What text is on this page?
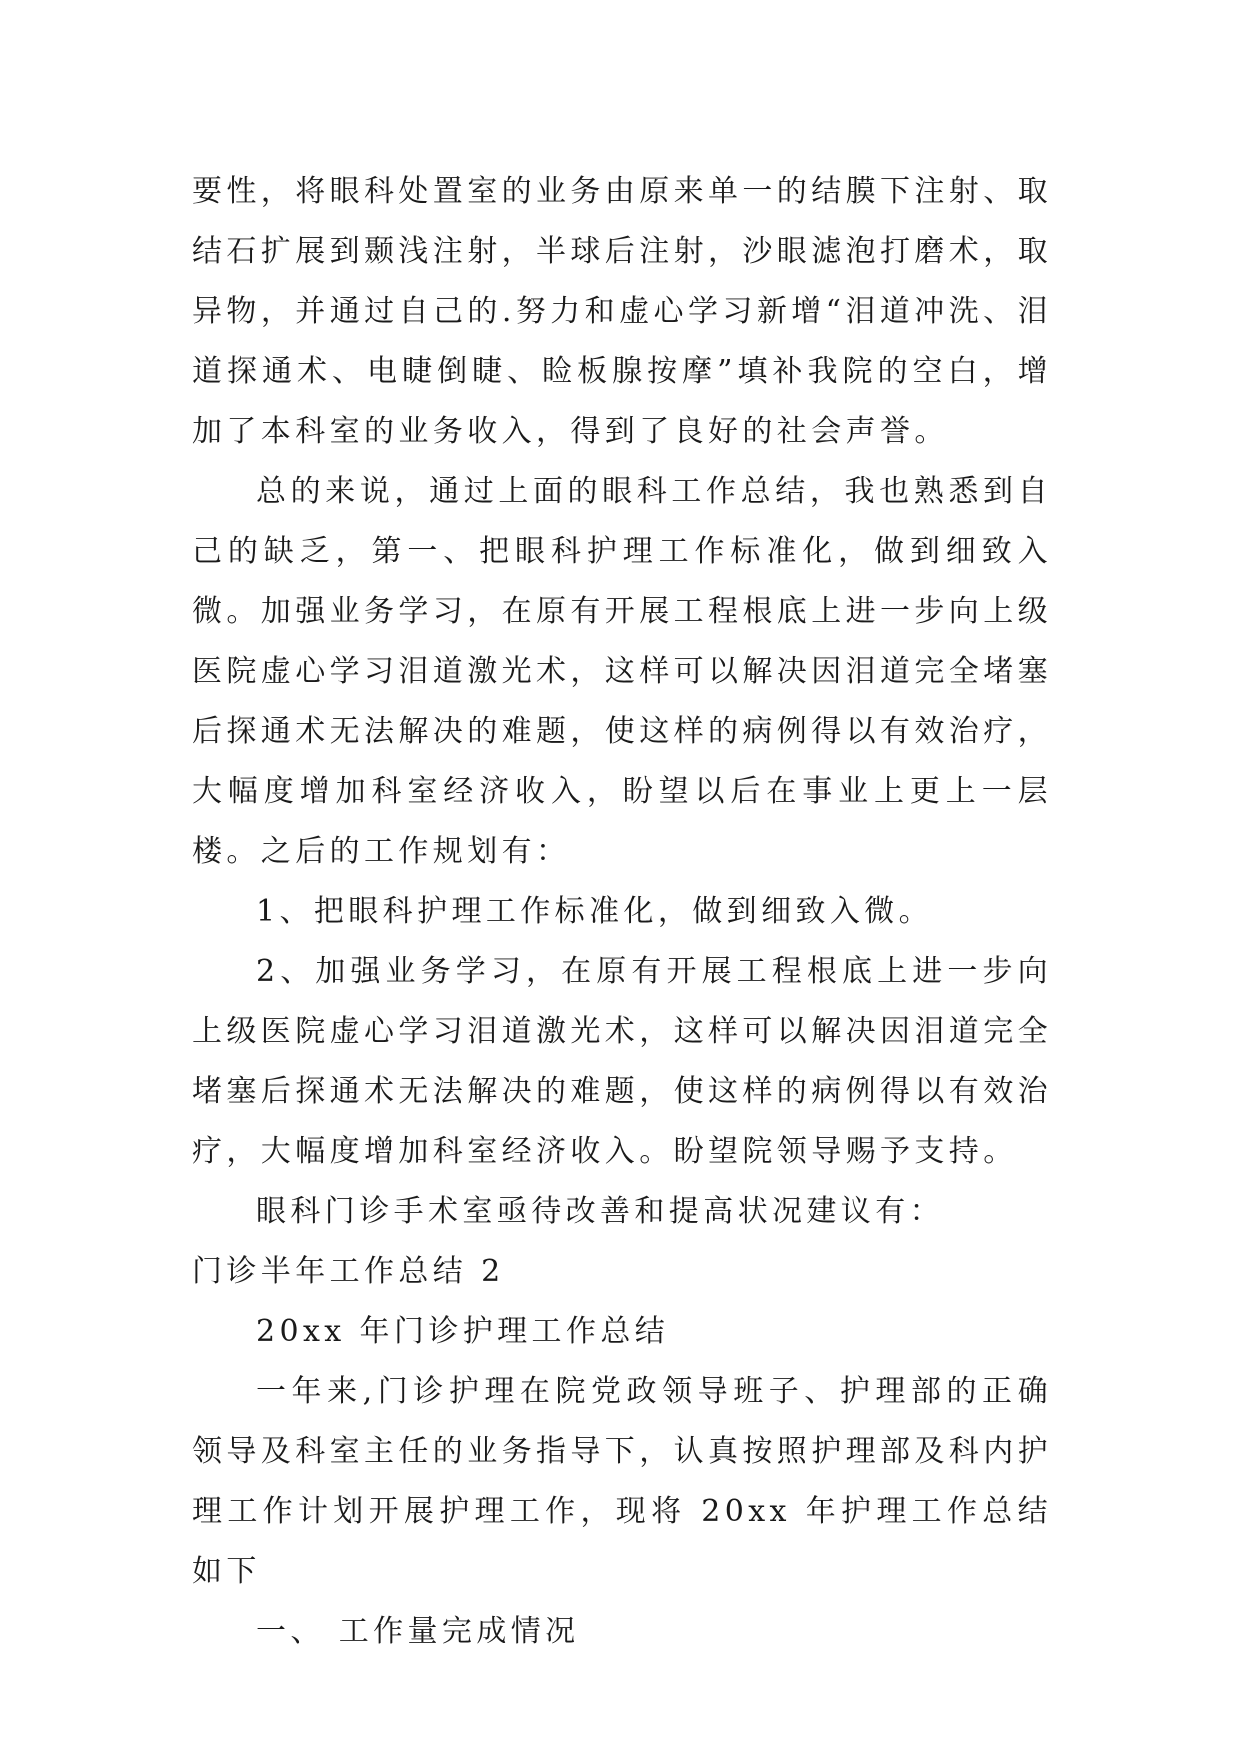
要性，将眼科处置室的业务由原来单一的结膜下注射、取结石扩展到颞浅注射，半球后注射，沙眼滤泡打磨术，取异物，并通过自己的.努力和虚心学习新增“泪道冲洗、泪道探通术、电睫倒睫、睑板腺按摩”填补我院的空白，增加了本科室的业务收入，得到了良好的社会声誉。

总的来说，通过上面的眼科工作总结，我也熟悉到自己的缺乏，第一、把眼科护理工作标准化，做到细致入微。加强业务学习，在原有开展工程根底上进一步向上级医院虚心学习泪道激光术，这样可以解决因泪道完全堵塞后探通术无法解决的难题，使这样的病例得以有效治疗，大幅度增加科室经济收入，盼望以后在事业上更上一层楼。之后的工作规划有：

1、把眼科护理工作标准化，做到细致入微。

2、加强业务学习，在原有开展工程根底上进一步向上级医院虚心学习泪道激光术，这样可以解决因泪道完全堵塞后探通术无法解决的难题，使这样的病例得以有效治疗，大幅度增加科室经济收入。盼望院领导赐予支持。

眼科门诊手术室亟待改善和提高状况建议有：

门诊半年工作总结 2

20xx 年门诊护理工作总结

一年来,门诊护理在院党政领导班子、护理部的正确领导及科室主任的业务指导下，认真按照护理部及科内护理工作计划开展护理工作，现将 20xx 年护理工作总结如下

一、 工作量完成情况
